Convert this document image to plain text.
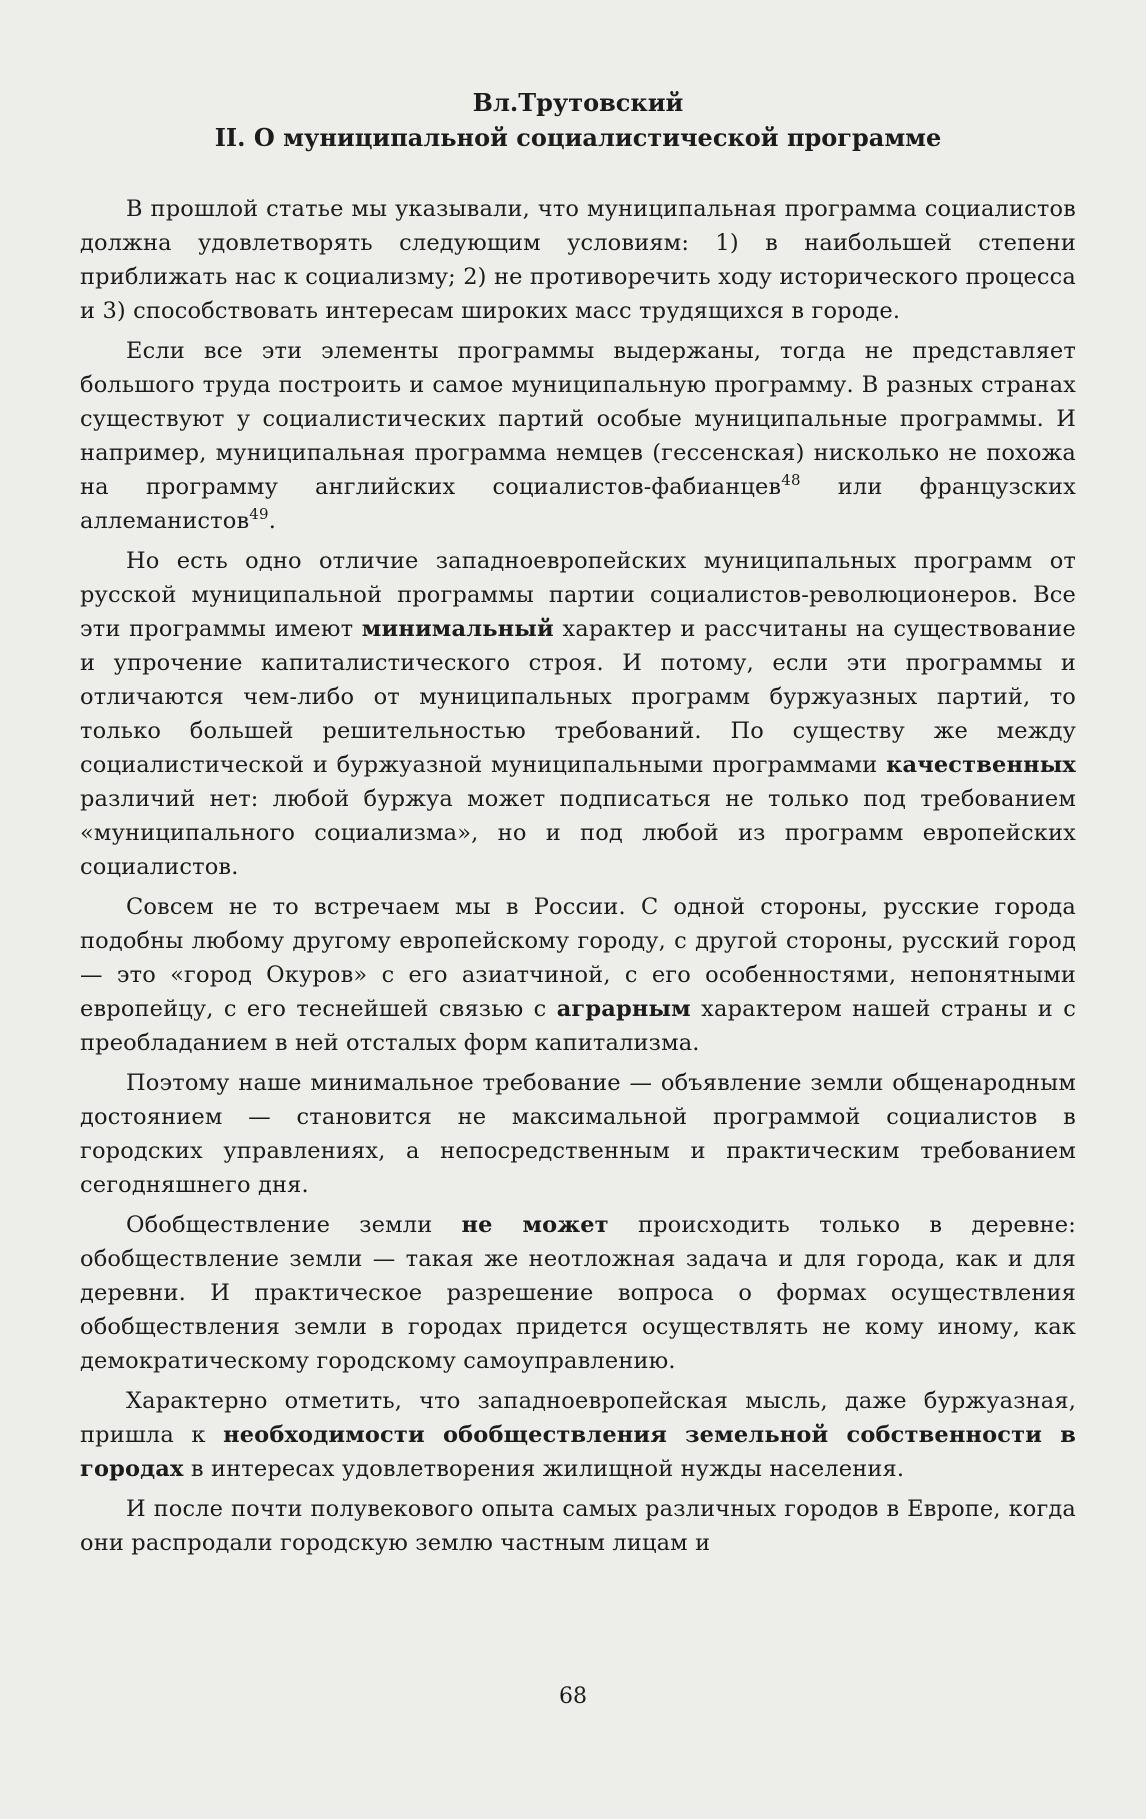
Вл.Трутовский
II. О муниципальной социалистической программе

В прошлой статье мы указывали, что муниципальная программа социалистов должна удовлетворять следующим условиям: 1) в наибольшей степени приближать нас к социализму; 2) не противоречить ходу исторического процесса и 3) способствовать интересам широких масс трудящихся в городе.

Если все эти элементы программы выдержаны, тогда не представляет большого труда построить и самое муниципальную программу. В разных странах существуют у социалистических партий особые муниципальные программы. И например, муниципальная программа немцев (гессенская) нисколько не похожа на программу английских социалистов-фабианцев$^{48}$ или французских аллеманистов$^{49}$.

Но есть одно отличие западноевропейских муниципальных программ от русской муниципальной программы партии социалистов-революционеров. Все эти программы имеют минимальный характер и рассчитаны на существование и упрочение капиталистического строя. И потому, если эти программы и отличаются чем-либо от муниципальных программ буржуазных партий, то только большей решительностью требований. По существу же между социалистической и буржуазной муниципальными программами качественных различий нет: любой буржуа может подписаться не только под требованием «муниципального социализма», но и под любой из программ европейских социалистов.

Совсем не то встречаем мы в России. С одной стороны, русские города подобны любому другому европейскому городу, с другой стороны, русский город — это «город Окуров» с его азиатчиной, с его особенностями, непонятными европейцу, с его теснейшей связью с аграрным характером нашей страны и с преобладанием в ней отсталых форм капитализма.

Поэтому наше минимальное требование — объявление земли общенародным достоянием — становится не максимальной программой социалистов в городских управлениях, а непосредственным и практическим требованием сегодняшнего дня.

Обобществление земли не может происходить только в деревне: обобществление земли — такая же неотложная задача и для города, как и для деревни. И практическое разрешение вопроса о формах осуществления обобществления земли в городах придется осуществлять не кому иному, как демократическому городскому самоуправлению.

Характерно отметить, что западноевропейская мысль, даже буржуазная, пришла к необходимости обобществления земельной собственности в городах в интересах удовлетворения жилищной нужды населения.

И после почти полувекового опыта самых различных городов в Европе, когда они распродали городскую землю частным лицам и

68
